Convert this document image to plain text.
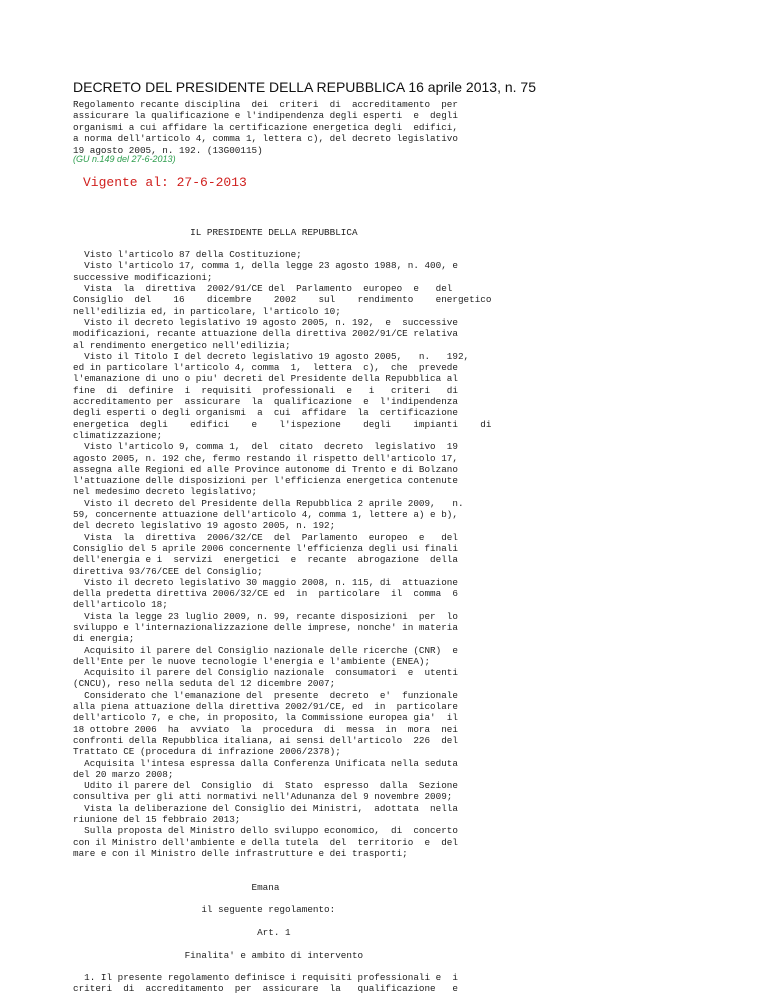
DECRETO DEL PRESIDENTE DELLA REPUBBLICA 16 aprile 2013, n. 75
Regolamento recante disciplina  dei  criteri  di  accreditamento  per
assicurare la qualificazione e l'indipendenza degli esperti  e  degli
organismi a cui affidare la certificazione energetica degli  edifici,
a norma dell'articolo 4, comma 1, lettera c), del decreto legislativo
19 agosto 2005, n. 192. (13G00115)
(GU n.149 del 27-6-2013)
Vigente al: 27-6-2013

IL PRESIDENTE DELLA REPUBBLICA

Visto l'articolo 87 della Costituzione;
Visto l'articolo 17, comma 1, della legge 23 agosto 1988, n. 400, e
successive modificazioni;
Vista  la  direttiva  2002/91/CE del  Parlamento  europeo  e   del
Consiglio  del    16    dicembre    2002    sul    rendimento    energetico
nell'edilizia ed, in particolare, l'articolo 10;
Visto il decreto legislativo 19 agosto 2005, n. 192,  e  successive
modificazioni, recante attuazione della direttiva 2002/91/CE relativa
al rendimento energetico nell'edilizia;
Visto il Titolo I del decreto legislativo 19 agosto 2005,   n.   192,
ed in particolare l'articolo 4, comma  1,  lettera  c),  che  prevede
l'emanazione di uno o piu' decreti del Presidente della Repubblica al
fine  di  definire  i  requisiti  professionali  e   i   criteri   di
accreditamento per  assicurare  la  qualificazione  e  l'indipendenza
degli esperti o degli organismi  a  cui  affidare  la  certificazione
energetica  degli    edifici    e    l'ispezione    degli    impianti    di
climatizzazione;
Visto l'articolo 9, comma 1,  del  citato  decreto  legislativo  19
agosto 2005, n. 192 che, fermo restando il rispetto dell'articolo 17,
assegna alle Regioni ed alle Province autonome di Trento e di Bolzano
l'attuazione delle disposizioni per l'efficienza energetica contenute
nel medesimo decreto legislativo;
Visto il decreto del Presidente della Repubblica 2 aprile 2009,   n.
59, concernente attuazione dell'articolo 4, comma 1, lettere a) e b),
del decreto legislativo 19 agosto 2005, n. 192;
Vista  la  direttiva  2006/32/CE  del  Parlamento  europeo  e   del
Consiglio del 5 aprile 2006 concernente l'efficienza degli usi finali
dell'energia e i  servizi  energetici  e  recante  abrogazione  della
direttiva 93/76/CEE del Consiglio;
Visto il decreto legislativo 30 maggio 2008, n. 115, di  attuazione
della predetta direttiva 2006/32/CE ed  in  particolare  il  comma  6
dell'articolo 18;
Vista la legge 23 luglio 2009, n. 99, recante disposizioni  per  lo
sviluppo e l'internazionalizzazione delle imprese, nonche' in materia
di energia;
Acquisito il parere del Consiglio nazionale delle ricerche (CNR)  e
dell'Ente per le nuove tecnologie l'energia e l'ambiente (ENEA);
Acquisito il parere del Consiglio nazionale  consumatori  e  utenti
(CNCU), reso nella seduta del 12 dicembre 2007;
Considerato che l'emanazione del  presente  decreto  e'  funzionale
alla piena attuazione della direttiva 2002/91/CE, ed  in  particolare
dell'articolo 7, e che, in proposito, la Commissione europea gia'  il
18 ottobre 2006  ha  avviato  la  procedura  di  messa  in  mora  nei
confronti della Repubblica italiana, ai sensi dell'articolo  226  del
Trattato CE (procedura di infrazione 2006/2378);
Acquisita l'intesa espressa dalla Conferenza Unificata nella seduta
del 20 marzo 2008;
Udito il parere del  Consiglio  di  Stato  espresso  dalla  Sezione
consultiva per gli atti normativi nell'Adunanza del 9 novembre 2009;
Vista la deliberazione del Consiglio dei Ministri,  adottata  nella
riunione del 15 febbraio 2013;
Sulla proposta del Ministro dello sviluppo economico,  di  concerto
con il Ministro dell'ambiente e della tutela  del  territorio  e  del
mare e con il Ministro delle infrastrutture e dei trasporti;

Emana

il seguente regolamento:

Art. 1

Finalita' e ambito di intervento

1. Il presente regolamento definisce i requisiti professionali e  i
criteri  di  accreditamento  per  assicurare  la   qualificazione   e
